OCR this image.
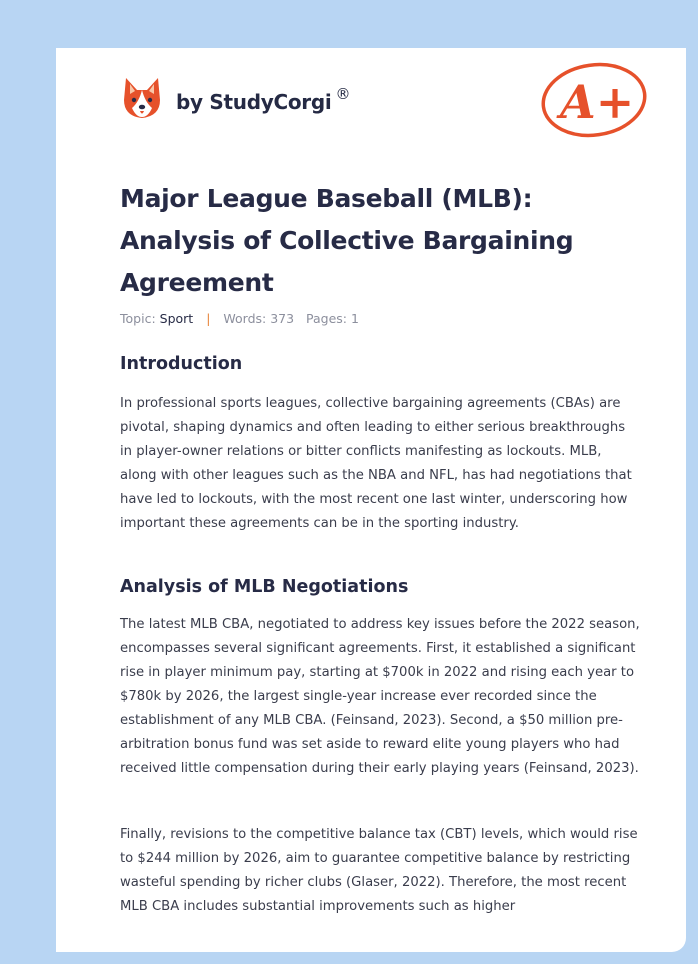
by StudyCorgi ®	A+
Major League Baseball (MLB): Analysis of Collective Bargaining Agreement
Topic: Sport | Words: 373 Pages: 1
Introduction

In professional sports leagues, collective bargaining agreements (CBAs) are pivotal, shaping dynamics and often leading to either serious breakthroughs in player-owner relations or bitter conflicts manifesting as lockouts. MLB, along with other leagues such as the NBA and NFL, has had negotiations that have led to lockouts, with the most recent one last winter, underscoring how important these agreements can be in the sporting industry.

Analysis of MLB Negotiations

The latest MLB CBA, negotiated to address key issues before the 2022 season, encompasses several significant agreements. First, it established a significant rise in player minimum pay, starting at $700k in 2022 and rising each year to $780k by 2026, the largest single-year increase ever recorded since the establishment of any MLB CBA. (Feinsand, 2023). Second, a $50 million pre-arbitration bonus fund was set aside to reward elite young players who had received little compensation during their early playing years (Feinsand, 2023).

Finally, revisions to the competitive balance tax (CBT) levels, which would rise to $244 million by 2026, aim to guarantee competitive balance by restricting wasteful spending by richer clubs (Glaser, 2022). Therefore, the most recent MLB CBA includes substantial improvements such as higher
